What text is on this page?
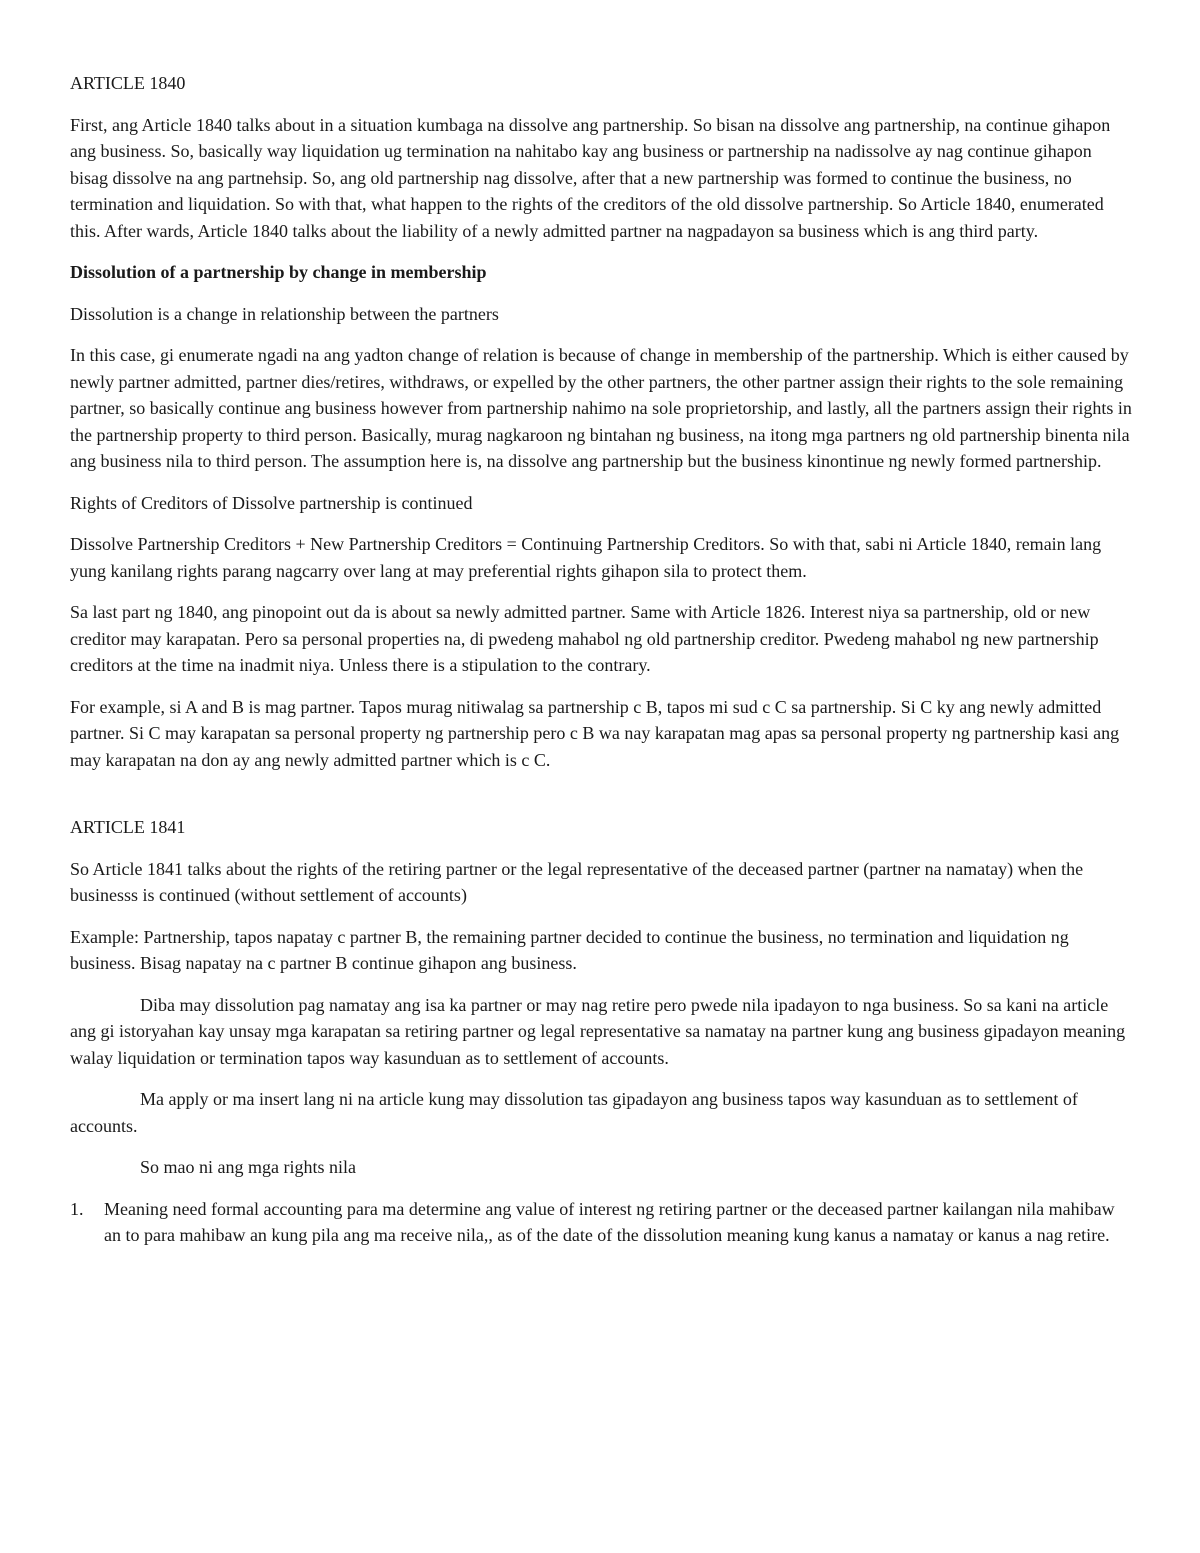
ARTICLE 1840

First, ang Article 1840 talks about in a situation kumbaga na dissolve ang partnership. So bisan na dissolve ang partnership, na continue gihapon ang business. So, basically way liquidation ug termination na nahitabo kay ang business or partnership na nadissolve ay nag continue gihapon bisag dissolve na ang partnehsip. So, ang old partnership nag dissolve, after that a new partnership was formed to continue the business, no termination and liquidation. So with that, what happen to the rights of the creditors of the old dissolve partnership. So Article 1840, enumerated this. After wards, Article 1840 talks about the liability of a newly admitted partner na nagpadayon sa business which is ang third party.

Dissolution of a partnership by change in membership

Dissolution is a change in relationship between the partners

In this case, gi enumerate ngadi na ang yadton change of relation is because of change in membership of the partnership. Which is either caused by newly partner admitted, partner dies/retires, withdraws, or expelled by the other partners, the other partner assign their rights to the sole remaining partner, so basically continue ang business however from partnership nahimo na sole proprietorship, and lastly, all the partners assign their rights in the partnership property to third person. Basically, murag nagkaroon ng bintahan ng business, na itong mga partners ng old partnership binenta nila ang business nila to third person. The assumption here is, na dissolve ang partnership but the business kinontinue ng newly formed partnership.

Rights of Creditors of Dissolve partnership is continued

Dissolve Partnership Creditors + New Partnership Creditors = Continuing Partnership Creditors. So with that, sabi ni Article 1840, remain lang yung kanilang rights parang nagcarry over lang at may preferential rights gihapon sila to protect them.

Sa last part ng 1840, ang pinopoint out da is about sa newly admitted partner. Same with Article 1826. Interest niya sa partnership, old or new creditor may karapatan. Pero sa personal properties na, di pwedeng mahabol ng old partnership creditor. Pwedeng mahabol ng new partnership creditors at the time na inadmit niya. Unless there is a stipulation to the contrary.

For example, si A and B is mag partner. Tapos murag nitiwalag sa partnership c B, tapos mi sud c C sa partnership. Si C ky ang newly admitted partner. Si C may karapatan sa personal property ng partnership pero c B wa nay karapatan mag apas sa personal property ng partnership kasi ang may karapatan na don ay ang newly admitted partner which is c C.

ARTICLE 1841

So Article 1841 talks about the rights of the retiring partner or the legal representative of the deceased partner (partner na namatay) when the businesss is continued (without settlement of accounts)

Example: Partnership, tapos napatay c partner B, the remaining partner decided to continue the business, no termination and liquidation ng business. Bisag napatay na c partner B continue gihapon ang business.

Diba may dissolution pag namatay ang isa ka partner or may nag retire pero pwede nila ipadayon to nga business. So sa kani na article ang gi istoryahan kay unsay mga karapatan sa retiring partner og legal representative sa namatay na partner kung ang business gipadayon meaning walay liquidation or termination tapos way kasunduan as to settlement of accounts.

Ma apply or ma insert lang ni na article kung may dissolution tas gipadayon ang business tapos way kasunduan as to settlement of accounts.

So mao ni ang mga rights nila

1.	Meaning need formal accounting para ma determine ang value of interest ng retiring partner or the deceased partner kailangan nila mahibaw an to para mahibaw an kung pila ang ma receive nila,, as of the date of the dissolution meaning kung kanus a namatay or kanus a nag retire.
